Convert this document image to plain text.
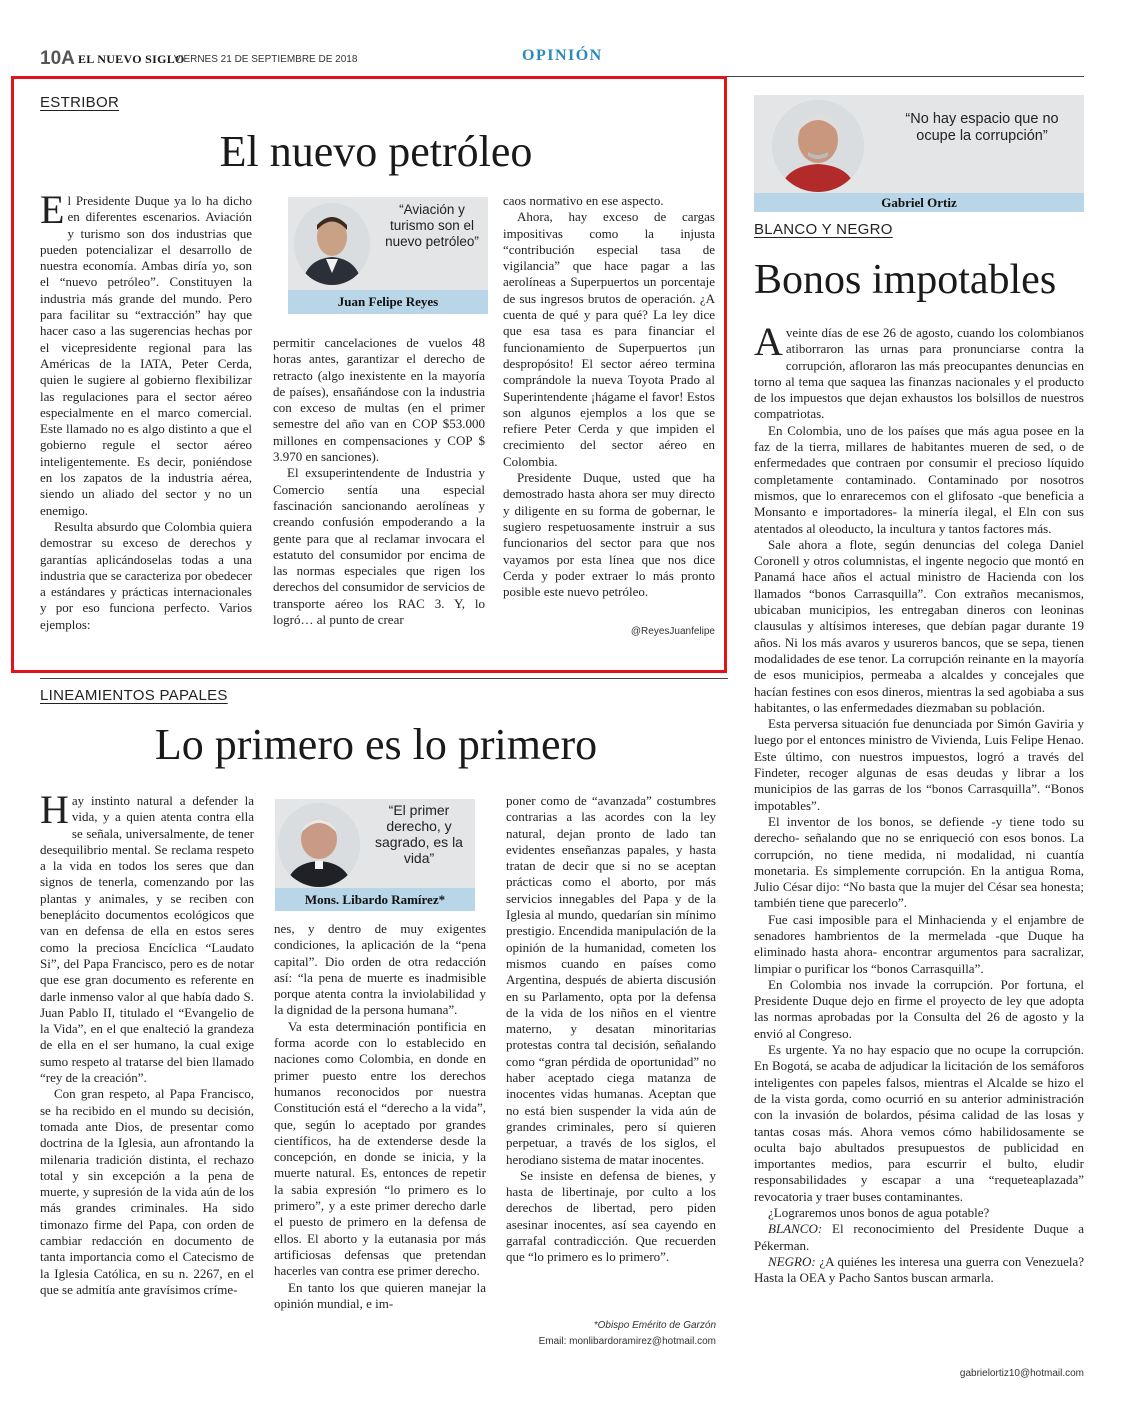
10A EL NUEVO SIGLO
VIERNES 21 DE SEPTIEMBRE DE 2018	OPINIÓN
ESTRIBOR
El nuevo petróleo

El Presidente Duque ya lo ha dicho en diferentes escenarios. Aviación y turismo son dos industrias que pueden potencializar el desarrollo de nuestra economía. Ambas diría yo, son el “nuevo petróleo”. Constituyen la industria más grande del mundo. Pero para facilitar su “extracción” hay que hacer caso a las sugerencias hechas por el vicepresidente regional para las Américas de la IATA, Peter Cerda, quien le sugiere al gobierno flexibilizar las regulaciones para el sector aéreo especialmente en el marco comercial. Este llamado no es algo distinto a que el gobierno regule el sector aéreo inteligentemente. Es decir, poniéndose en los zapatos de la industria aérea, siendo un aliado del sector y no un enemigo.

Resulta absurdo que Colombia quiera demostrar su exceso de derechos y garantías aplicándoselas todas a una industria que se caracteriza por obedecer a estándares y prácticas internacionales y por eso funciona perfecto. Varios ejemplos:

“Aviación y turismo son el nuevo petróleo”
Juan Felipe Reyes

permitir cancelaciones de vuelos 48 horas antes, garantizar el derecho de retracto (algo inexistente en la mayoría de países), ensañándose con la industria con exceso de multas (en el primer semestre del año van en COP $53.000 millones en compensaciones y COP $ 3.970 en sanciones).

El exsuperintendente de Industria y Comercio sentía una especial fascinación sancionando aerolíneas y creando confusión empoderando a la gente para que al reclamar invocara el estatuto del consumidor por encima de las normas especiales que rigen los derechos del consumidor de servicios de transporte aéreo los RAC 3. Y, lo logró… al punto de crear

caos normativo en ese aspecto.

Ahora, hay exceso de cargas impositivas como la injusta “contribución especial tasa de vigilancia” que hace pagar a las aerolíneas a Superpuertos un porcentaje de sus ingresos brutos de operación. ¿A cuenta de qué y para qué? La ley dice que esa tasa es para financiar el funcionamiento de Superpuertos ¡un despropósito! El sector aéreo termina comprándole la nueva Toyota Prado al Superintendente ¡hágame el favor! Estos son algunos ejemplos a los que se refiere Peter Cerda y que impiden el crecimiento del sector aéreo en Colombia.

Presidente Duque, usted que ha demostrado hasta ahora ser muy directo y diligente en su forma de gobernar, le sugiero respetuosamente instruir a sus funcionarios del sector para que nos vayamos por esta línea que nos dice Cerda y poder extraer lo más pronto posible este nuevo petróleo.

@ReyesJuanfelipe
LINEAMIENTOS PAPALES
Lo primero es lo primero

Hay instinto natural a defender la vida, y a quien atenta contra ella se señala, universalmente, de tener desequilibrio mental. Se reclama respeto a la vida en todos los seres que dan signos de tenerla, comenzando por las plantas y animales, y se reciben con beneplácito documentos ecológicos que van en defensa de ella en estos seres como la preciosa Encíclica “Laudato Si”, del Papa Francisco, pero es de notar que ese gran documento es referente en darle inmenso valor al que había dado S. Juan Pablo II, titulado el “Evangelio de la Vida”, en el que enalteció la grandeza de ella en el ser humano, la cual exige sumo respeto al tratarse del bien llamado “rey de la creación”.

Con gran respeto, al Papa Francisco, se ha recibido en el mundo su decisión, tomada ante Dios, de presentar como doctrina de la Iglesia, aun afrontando la milenaria tradición distinta, el rechazo total y sin excepción a la pena de muerte, y supresión de la vida aún de los más grandes criminales. Ha sido timonazo firme del Papa, con orden de cambiar redacción en documento de tanta importancia como el Catecismo de la Iglesia Católica, en su n. 2267, en el que se admitía ante gravísimos críme-

“El primer derecho, y sagrado, es la vida”
Mons. Libardo Ramírez*

nes, y dentro de muy exigentes condiciones, la aplicación de la “pena capital”. Dio orden de otra redacción así: “la pena de muerte es inadmisible porque atenta contra la inviolabilidad y la dignidad de la persona humana”.

Va esta determinación pontificia en forma acorde con lo establecido en naciones como Colombia, en donde en primer puesto entre los derechos humanos reconocidos por nuestra Constitución está el “derecho a la vida”, que, según lo aceptado por grandes científicos, ha de extenderse desde la concepción, en donde se inicia, y la muerte natural. Es, entonces de repetir la sabia expresión “lo primero es lo primero”, y a este primer derecho darle el puesto de primero en la defensa de ellos. El aborto y la eutanasia por más artificiosas defensas que pretendan hacerles van contra ese primer derecho.

En tanto los que quieren manejar la opinión mundial, e im-

poner como de “avanzada” costumbres contrarias a las acordes con la ley natural, dejan pronto de lado tan evidentes enseñanzas papales, y hasta tratan de decir que si no se aceptan prácticas como el aborto, por más servicios innegables del Papa y de la Iglesia al mundo, quedarían sin mínimo prestigio. Encendida manipulación de la opinión de la humanidad, cometen los mismos cuando en países como Argentina, después de abierta discusión en su Parlamento, opta por la defensa de la vida de los niños en el vientre materno, y desatan minoritarias protestas contra tal decisión, señalando como “gran pérdida de oportunidad” no haber aceptado ciega matanza de inocentes vidas humanas. Aceptan que no está bien suspender la vida aún de grandes criminales, pero sí quieren perpetuar, a través de los siglos, el herodiano sistema de matar inocentes.

Se insiste en defensa de bienes, y hasta de libertinaje, por culto a los derechos de libertad, pero piden asesinar inocentes, así sea cayendo en garrafal contradicción. Que recuerden que “lo primero es lo primero”.

*Obispo Emérito de Garzón
Email: monlibardoramirez@hotmail.com
“No hay espacio que no ocupe la corrupción”
Gabriel Ortiz
BLANCO Y NEGRO
Bonos impotables

Aveinte días de ese 26 de agosto, cuando los colombianos atiborraron las urnas para pronunciarse contra la corrupción, afloraron las más preocupantes denuncias en torno al tema que saquea las finanzas nacionales y el producto de los impuestos que dejan exhaustos los bolsillos de nuestros compatriotas.

En Colombia, uno de los países que más agua posee en la faz de la tierra, millares de habitantes mueren de sed, o de enfermedades que contraen por consumir el precioso líquido completamente contaminado. Contaminado por nosotros mismos, que lo enrarecemos con el glifosato -que beneficia a Monsanto e importadores- la minería ilegal, el Eln con sus atentados al oleoducto, la incultura y tantos factores más.

Sale ahora a flote, según denuncias del colega Daniel Coronell y otros columnistas, el ingente negocio que montó en Panamá hace años el actual ministro de Hacienda con los llamados “bonos Carrasquilla”. Con extraños mecanismos, ubicaban municipios, les entregaban dineros con leoninas clausulas y altísimos intereses, que debían pagar durante 19 años. Ni los más avaros y usureros bancos, que se sepa, tienen modalidades de ese tenor. La corrupción reinante en la mayoría de esos municipios, permeaba a alcaldes y concejales que hacían festines con esos dineros, mientras la sed agobiaba a sus habitantes, o las enfermedades diezmaban su población.

Esta perversa situación fue denunciada por Simón Gaviria y luego por el entonces ministro de Vivienda, Luis Felipe Henao. Este último, con nuestros impuestos, logró a través del Findeter, recoger algunas de esas deudas y librar a los municipios de las garras de los “bonos Carrasquilla”. “Bonos impotables”.

El inventor de los bonos, se defiende -y tiene todo su derecho- señalando que no se enriqueció con esos bonos. La corrupción, no tiene medida, ni modalidad, ni cuantía monetaria. Es simplemente corrupción. En la antigua Roma, Julio César dijo: “No basta que la mujer del César sea honesta; también tiene que parecerlo”.

Fue casi imposible para el Minhacienda y el enjambre de senadores hambrientos de la mermelada -que Duque ha eliminado hasta ahora- encontrar argumentos para sacralizar, limpiar o purificar los “bonos Carrasquilla”.

En Colombia nos invade la corrupción. Por fortuna, el Presidente Duque dejo en firme el proyecto de ley que adopta las normas aprobadas por la Consulta del 26 de agosto y la envió al Congreso.

Es urgente. Ya no hay espacio que no ocupe la corrupción. En Bogotá, se acaba de adjudicar la licitación de los semáforos inteligentes con papeles falsos, mientras el Alcalde se hizo el de la vista gorda, como ocurrió en su anterior administración con la invasión de bolardos, pésima calidad de las losas y tantas cosas más. Ahora vemos cómo habilidosamente se oculta bajo abultados presupuestos de publicidad en importantes medios, para escurrir el bulto, eludir responsabilidades y escapar a una “requeteaplazada” revocatoria y traer buses contaminantes.

¿Lograremos unos bonos de agua potable?

BLANCO: El reconocimiento del Presidente Duque a Pékerman.

NEGRO: ¿A quiénes les interesa una guerra con Venezuela? Hasta la OEA y Pacho Santos buscan armarla.

gabrielortiz10@hotmail.com
